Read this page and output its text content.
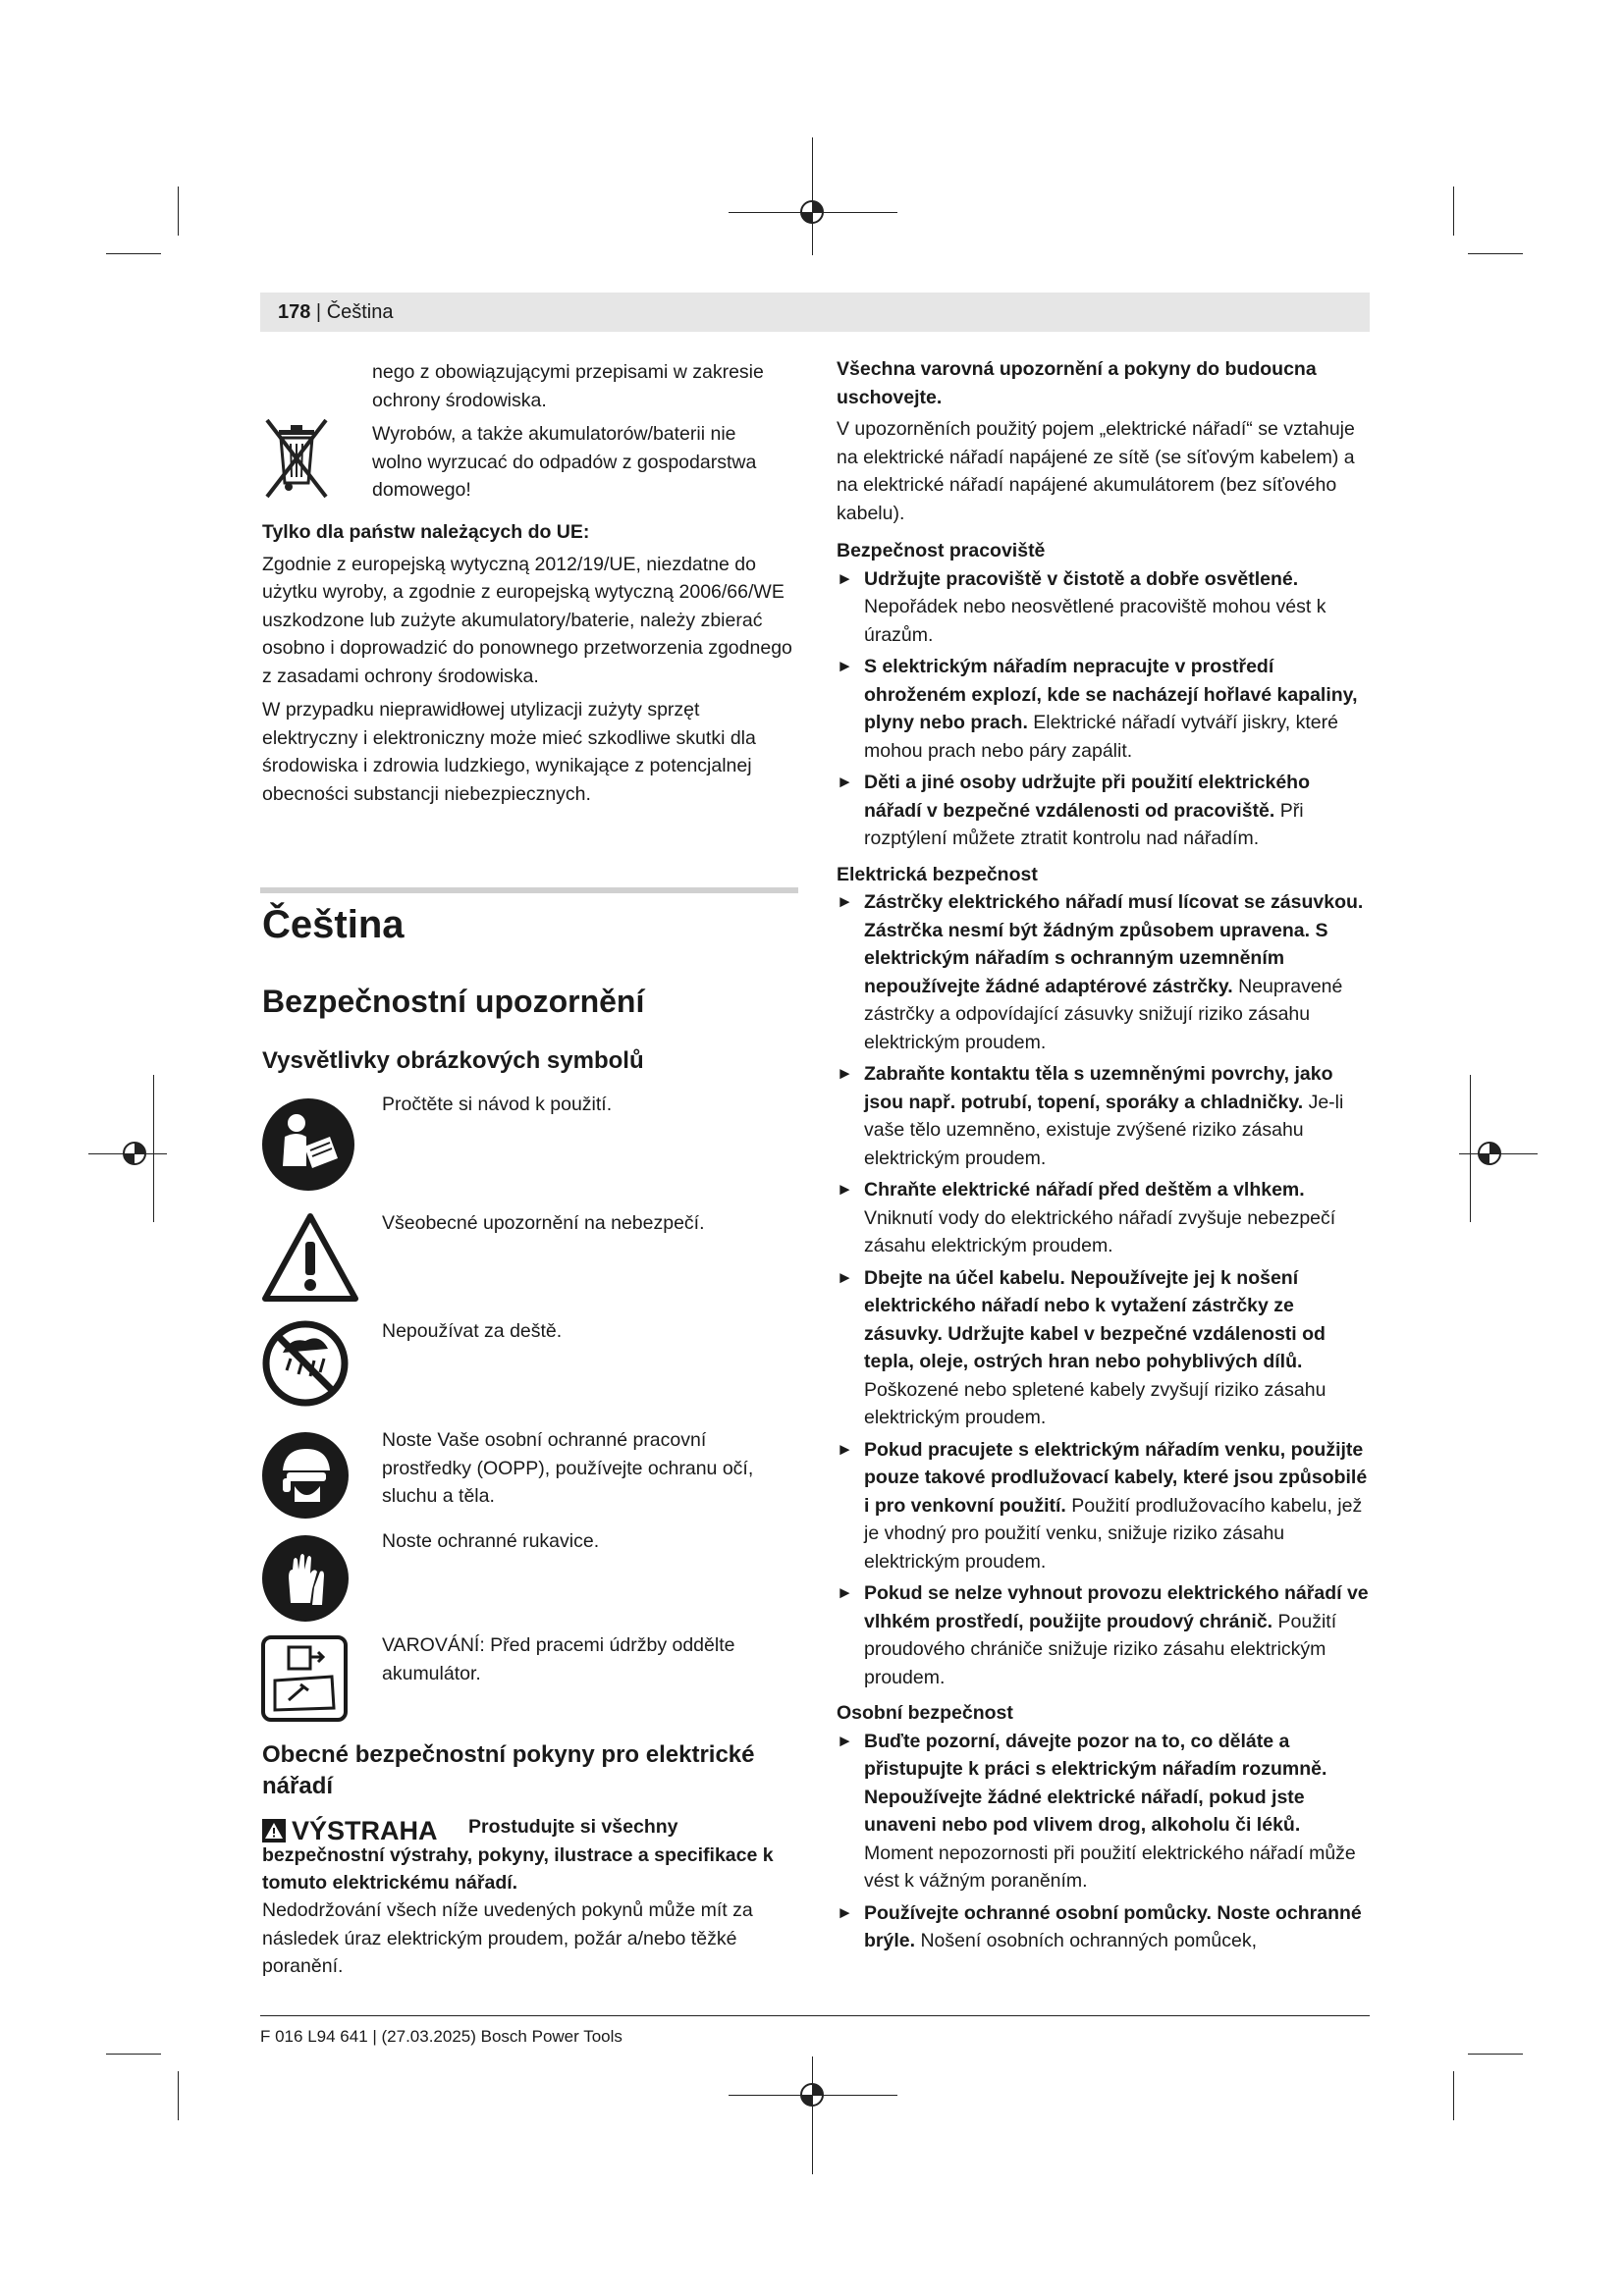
178 | Čeština

nego z obowiązującymi przepisami w zakresie ochrony środowiska.

Wyrobów, a także akumulatorów/baterii nie wolno wyrzucać do odpadów z gospodarstwa domowego!

Tylko dla państw należących do UE:

Zgodnie z europejską wytyczną 2012/19/UE, niezdatne do użytku wyroby, a zgodnie z europejską wytyczną 2006/66/WE uszkodzone lub zużyte akumulatory/baterie, należy zbierać osobno i doprowadzić do ponownego przetworzenia zgodnego z zasadami ochrony środowiska.

W przypadku nieprawidłowej utylizacji zużyty sprzęt elektryczny i elektroniczny może mieć szkodliwe skutki dla środowiska i zdrowia ludzkiego, wynikające z potencjalnej obecności substancji niebezpiecznych.

Čeština
Bezpečnostní upozornění
Vysvětlivky obrázkových symbolů
Pročtěte si návod k použití.
Všeobecné upozornění na nebezpečí.
Nepoužívat za deště.
Noste Vaše osobní ochranné pracovní prostředky (OOPP), používejte ochranu očí, sluchu a těla.
Noste ochranné rukavice.
VAROVÁNÍ: Před pracemi údržby oddělte akumulátor.
Obecné bezpečnostní pokyny pro elektrické nářadí
VÝSTRAHA	Prostudujte si všechny bezpečnostní výstrahy, pokyny, ilustrace a specifikace k tomuto elektrickému nářadí.
Nedodržování všech níže uvedených pokynů může mít za následek úraz elektrickým proudem, požár a/nebo těžké poranění.

Všechna varovná upozornění a pokyny do budoucna uschovejte.

V upozorněních použitý pojem „elektrické nářadí“ se vztahuje na elektrické nářadí napájené ze sítě (se síťovým kabelem) a na elektrické nářadí napájené akumulátorem (bez síťového kabelu).

Bezpečnost pracoviště

► Udržujte pracoviště v čistotě a dobře osvětlené. Nepořádek nebo neosvětlené pracoviště mohou vést k úrazům.

► S elektrickým nářadím nepracujte v prostředí ohroženém explozí, kde se nacházejí hořlavé kapaliny, plyny nebo prach. Elektrické nářadí vytváří jiskry, které mohou prach nebo páry zapálit.

► Děti a jiné osoby udržujte při použití elektrického nářadí v bezpečné vzdálenosti od pracoviště. Při rozptýlení můžete ztratit kontrolu nad nářadím.

Elektrická bezpečnost

► Zástrčky elektrického nářadí musí lícovat se zásuvkou. Zástrčka nesmí být žádným způsobem upravena. S elektrickým nářadím s ochranným uzemněním nepoužívejte žádné adaptérové zástrčky. Neupravené zástrčky a odpovídající zásuvky snižují riziko zásahu elektrickým proudem.

► Zabraňte kontaktu těla s uzemněnými povrchy, jako jsou např. potrubí, topení, sporáky a chladničky. Je-li vaše tělo uzemněno, existuje zvýšené riziko zásahu elektrickým proudem.

► Chraňte elektrické nářadí před deštěm a vlhkem. Vniknutí vody do elektrického nářadí zvyšuje nebezpečí zásahu elektrickým proudem.

► Dbejte na účel kabelu. Nepoužívejte jej k nošení elektrického nářadí nebo k vytažení zástrčky ze zásuvky. Udržujte kabel v bezpečné vzdálenosti od tepla, oleje, ostrých hran nebo pohyblivých dílů. Poškozené nebo spletené kabely zvyšují riziko zásahu elektrickým proudem.

► Pokud pracujete s elektrickým nářadím venku, použijte pouze takové prodlužovací kabely, které jsou způsobilé i pro venkovní použití. Použití prodlužovacího kabelu, jež je vhodný pro použití venku, snižuje riziko zásahu elektrickým proudem.

► Pokud se nelze vyhnout provozu elektrického nářadí ve vlhkém prostředí, použijte proudový chránič. Použití proudového chrániče snižuje riziko zásahu elektrickým proudem.

Osobní bezpečnost

► Buďte pozorní, dávejte pozor na to, co děláte a přistupujte k práci s elektrickým nářadím rozumně. Nepoužívejte žádné elektrické nářadí, pokud jste unaveni nebo pod vlivem drog, alkoholu či léků. Moment nepozornosti při použití elektrického nářadí může vést k vážným poraněním.

► Používejte ochranné osobní pomůcky. Noste ochranné brýle. Nošení osobních ochranných pomůcek,

F 016 L94 641 | (27.03.2025) Bosch Power Tools
